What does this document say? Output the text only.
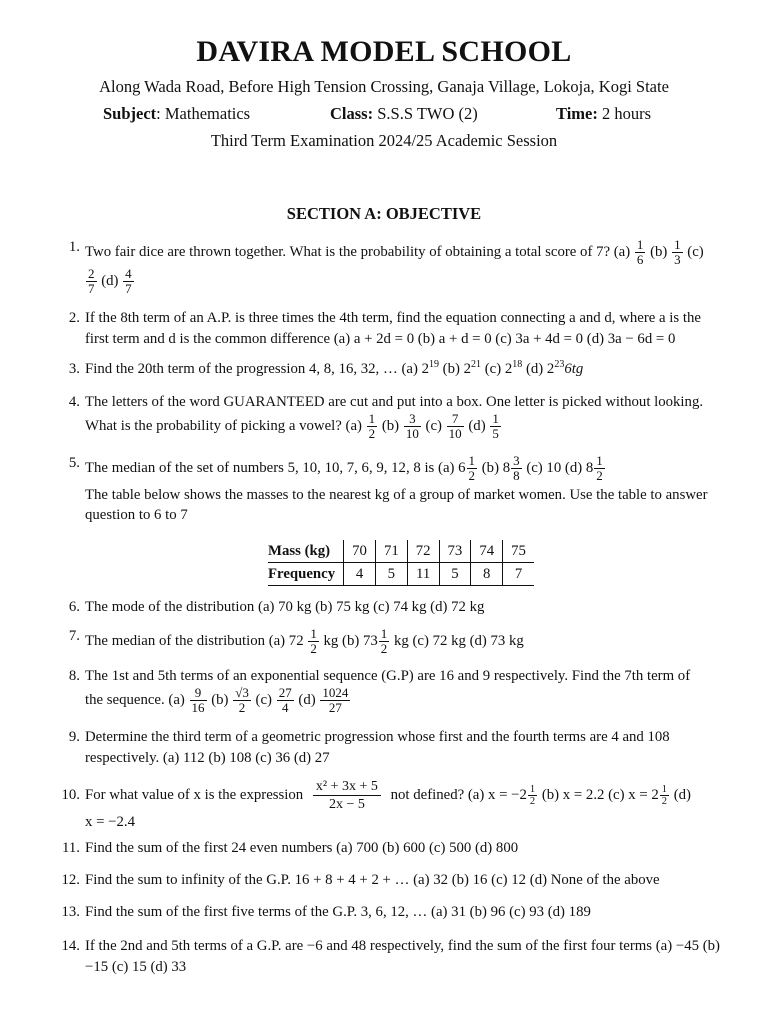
DAVIRA MODEL SCHOOL
Along Wada Road, Before High Tension Crossing, Ganaja Village, Lokoja, Kogi State
Subject: Mathematics	Class: S.S.S TWO (2)	Time: 2 hours
Third Term Examination 2024/25 Academic Session
SECTION A: OBJECTIVE
1. Two fair dice are thrown together. What is the probability of obtaining a total score of 7? $(a) \frac{1}{6} (b) \frac{1}{3} (c)$

$\frac{2}{7} (d) \frac{4}{7}$
2. If the 8th term of an A.P. is three times the 4th term, find the equation connecting a and d, where a is the first term and d is the common difference (a) a + 2d = 0 (b) a + d = 0 (c) 3a + 4d = 0 (d) 3a − 6d = 0
3. Find the 20th term of the progression 4, 8, 16, 32, … (a) $2^{19}$ (b) $2^{21}$ (c) $2^{18}$ (d) $2^{23}6tg$
4. The letters of the word GUARANTEED are cut and put into a box. One letter is picked without looking.
What is the probability of picking a vowel? $(a) \frac{1}{2} (b) \frac{3}{10} (c) \frac{7}{10} (d) \frac{1}{5}$
5. The median of the set of numbers 5, 10, 10, 7, 6, 9, 12, 8 is (a) $6 \frac{1}{2} (b)$ $8 \frac{3}{8} (c)$ 10 (d) $8 \frac{1}{2}$
The table below shows the masses to the nearest kg of a group of market women. Use the table to answer question to 6 to 7
Mass (kg)	70	71	72	73	74	75
Frequency	4	5	11	5	8	7
6. The mode of the distribution (a) 70 kg (b) 75 kg (c) 74 kg (d) 72 kg
7. The median of the distribution (a) $72 \frac{1}{2}$ kg (b) $73 \frac{1}{2}$ kg (c) 72 kg (d) 73 kg
8. The 1st and 5th terms of an exponential sequence (G.P) are 16 and 9 respectively. Find the 7th term of
the sequence. $(a) \frac{9}{16} (b) \frac{√3}{2} (c) \frac{27}{4} (d) \frac{1024}{27}$
9. Determine the third term of a geometric progression whose first and the fourth terms are 4 and 108 respectively. (a) 112 (b) 108 (c) 36 (d) 27
10. For what value of x is the expression $\frac{\text{x² + 3x + 5}}{2x - 5}$ not defined? (a) $x = -2 \frac{1}{2} (b) x = 2.2$ (c) $x = 2 \frac{1}{2} (d)$
x = −2.4
11. Find the sum of the first 24 even numbers (a) 700 (b) 600 (c) 500 (d) 800
12. Find the sum to infinity of the G.P. 16 + 8 + 4 + 2 + … (a) 32 (b) 16 (c) 12 (d) None of the above
13. Find the sum of the first five terms of the G.P. 3, 6, 12, … (a) 31 (b) 96 (c) 93 (d) 189
14. If the 2nd and 5th terms of a G.P. are −6 and 48 respectively, find the sum of the first four terms (a) −45 (b) −15 (c) 15 (d) 33
